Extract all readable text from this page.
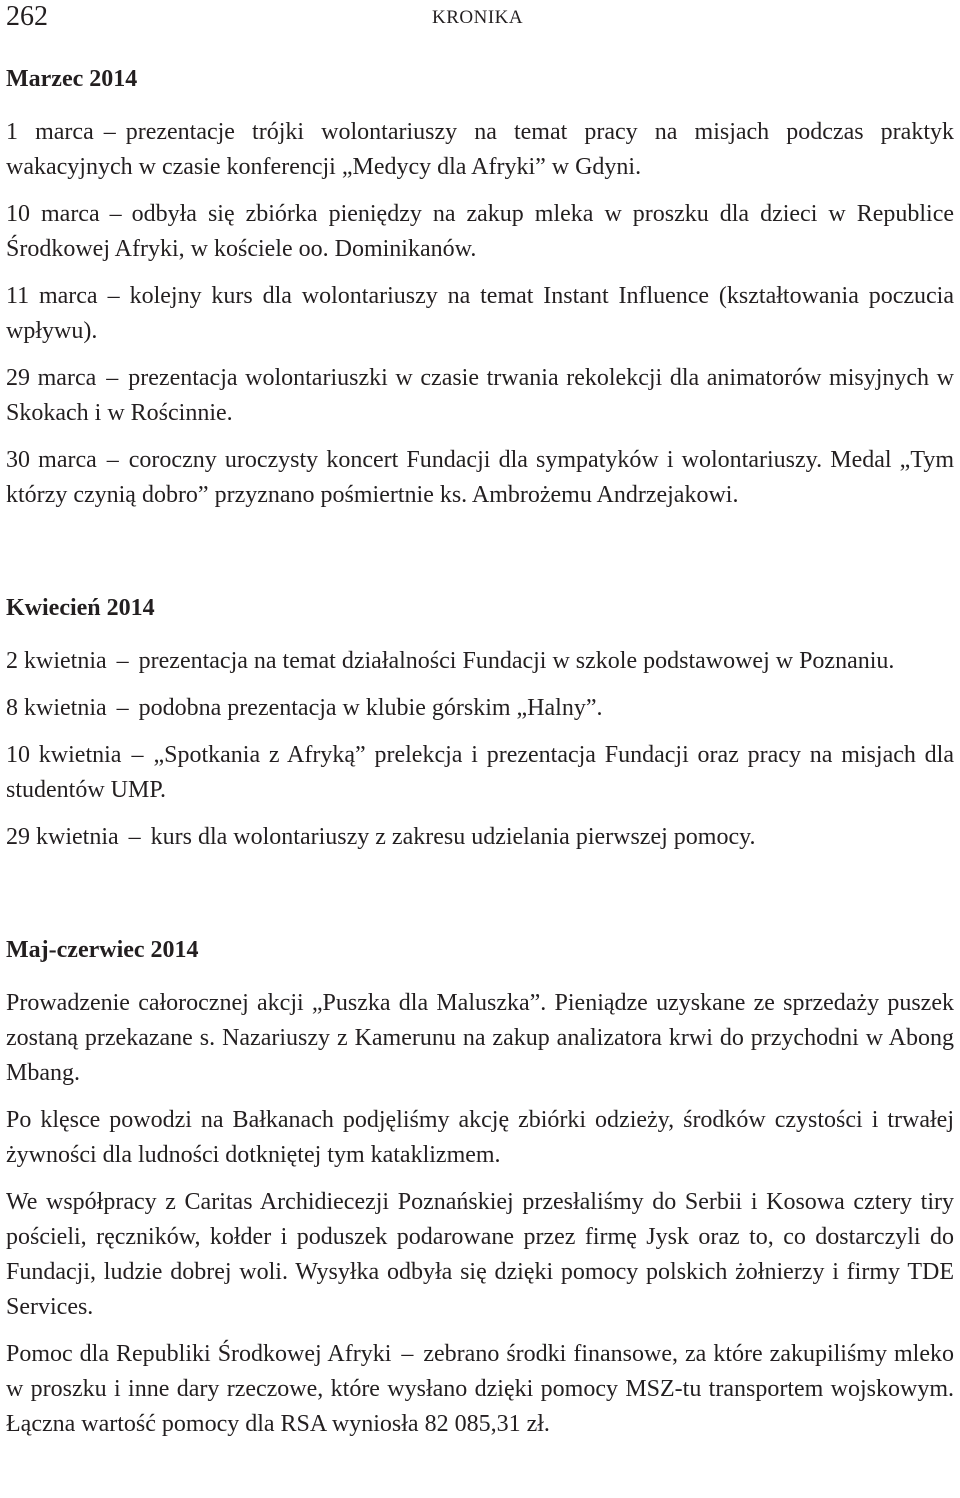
262	KRONIKA
Marzec 2014

1 marca – prezentacje trójki wolontariuszy na temat pracy na misjach podczas praktyk wakacyjnych w czasie konferencji „Medycy dla Afryki” w Gdyni.

10 marca – odbyła się zbiórka pieniędzy na zakup mleka w proszku dla dzieci w Republice Środkowej Afryki, w kościele oo. Dominikanów.

11 marca – kolejny kurs dla wolontariuszy na temat Instant Influence (kształtowania poczucia wpływu).

29 marca – prezentacja wolontariuszki w czasie trwania rekolekcji dla animatorów misyjnych w Skokach i w Rościnnie.

30 marca – coroczny uroczysty koncert Fundacji dla sympatyków i wolontariuszy. Medal „Tym którzy czynią dobro” przyznano pośmiertnie ks. Ambrożemu Andrzejakowi.

Kwiecień 2014

2 kwietnia – prezentacja na temat działalności Fundacji w szkole podstawowej w Poznaniu.

8 kwietnia – podobna prezentacja w klubie górskim „Halny”.

10 kwietnia – „Spotkania z Afryką” prelekcja i prezentacja Fundacji oraz pracy na misjach dla studentów UMP.

29 kwietnia – kurs dla wolontariuszy z zakresu udzielania pierwszej pomocy.

Maj-czerwiec 2014

Prowadzenie całorocznej akcji „Puszka dla Maluszka”. Pieniądze uzyskane ze sprzedaży puszek zostaną przekazane s. Nazariuszy z Kamerunu na zakup analizatora krwi do przychodni w Abong Mbang.

Po klęsce powodzi na Bałkanach podjęliśmy akcję zbiórki odzieży, środków czystości i trwałej żywności dla ludności dotkniętej tym kataklizmem.

We współpracy z Caritas Archidiecezji Poznańskiej przesłaliśmy do Serbii i Kosowa cztery tiry pościeli, ręczników, kołder i poduszek podarowane przez firmę Jysk oraz to, co dostarczyli do Fundacji, ludzie dobrej woli. Wysyłka odbyła się dzięki pomocy polskich żołnierzy i firmy TDE Services.

Pomoc dla Republiki Środkowej Afryki – zebrano środki finansowe, za które zakupiliśmy mleko w proszku i inne dary rzeczowe, które wysłano dzięki pomocy MSZ-tu transportem wojskowym. Łączna wartość pomocy dla RSA wyniosła 82 085,31 zł.
